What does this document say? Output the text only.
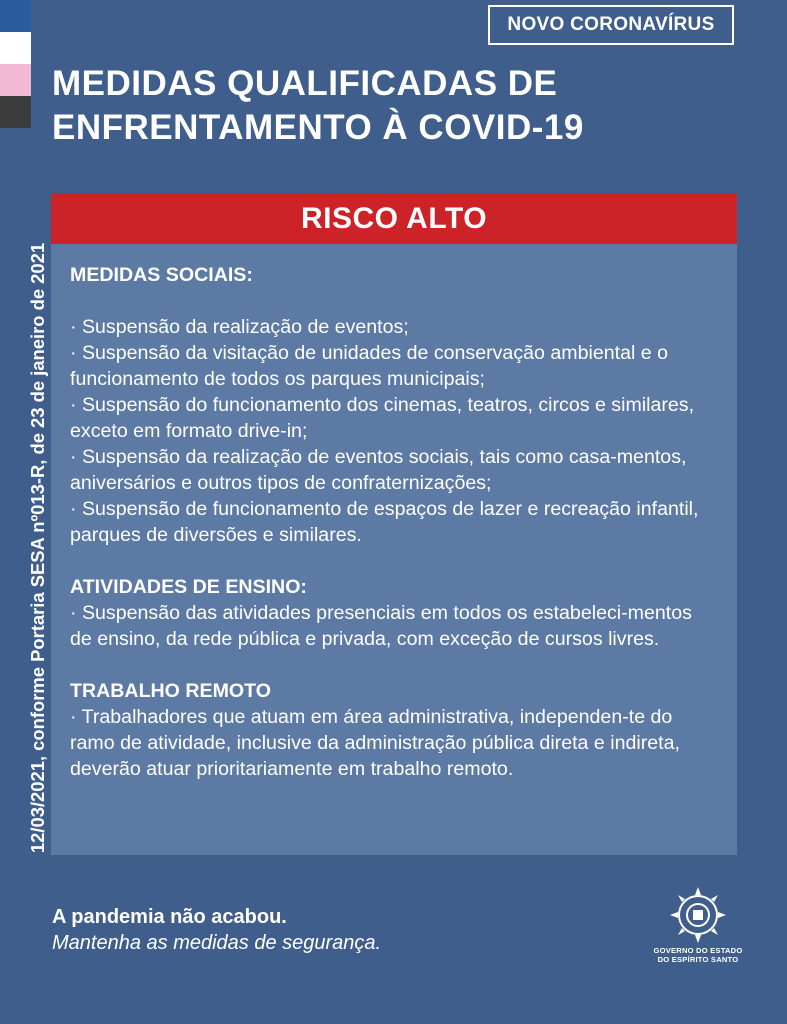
NOVO CORONAVÍRUS
MEDIDAS QUALIFICADAS DE
ENFRENTAMENTO À COVID-19
12/03/2021, conforme Portaria SESA nº013-R, de 23 de janeiro de 2021
RISCO ALTO

MEDIDAS SOCIAIS:

· Suspensão da realização de eventos;

· Suspensão da visitação de unidades de conservação ambiental e o funcionamento de todos os parques municipais;

· Suspensão do funcionamento dos cinemas, teatros, circos e similares, exceto em formato drive-in;

· Suspensão da realização de eventos sociais, tais como casa-mentos, aniversários e outros tipos de confraternizações;

· Suspensão de funcionamento de espaços de lazer e recreação infantil, parques de diversões e similares.

ATIVIDADES DE ENSINO:

· Suspensão das atividades presenciais em todos os estabeleci-mentos de ensino, da rede pública e privada, com exceção de cursos livres.

TRABALHO REMOTO

· Trabalhadores que atuam em área administrativa, independen-te do ramo de atividade, inclusive da administração pública direta e indireta, deverão atuar prioritariamente em trabalho remoto.

A pandemia não acabou.
Mantenha as medidas de segurança.	GOVERNO DO ESTADO
DO ESPÍRITO SANTO
